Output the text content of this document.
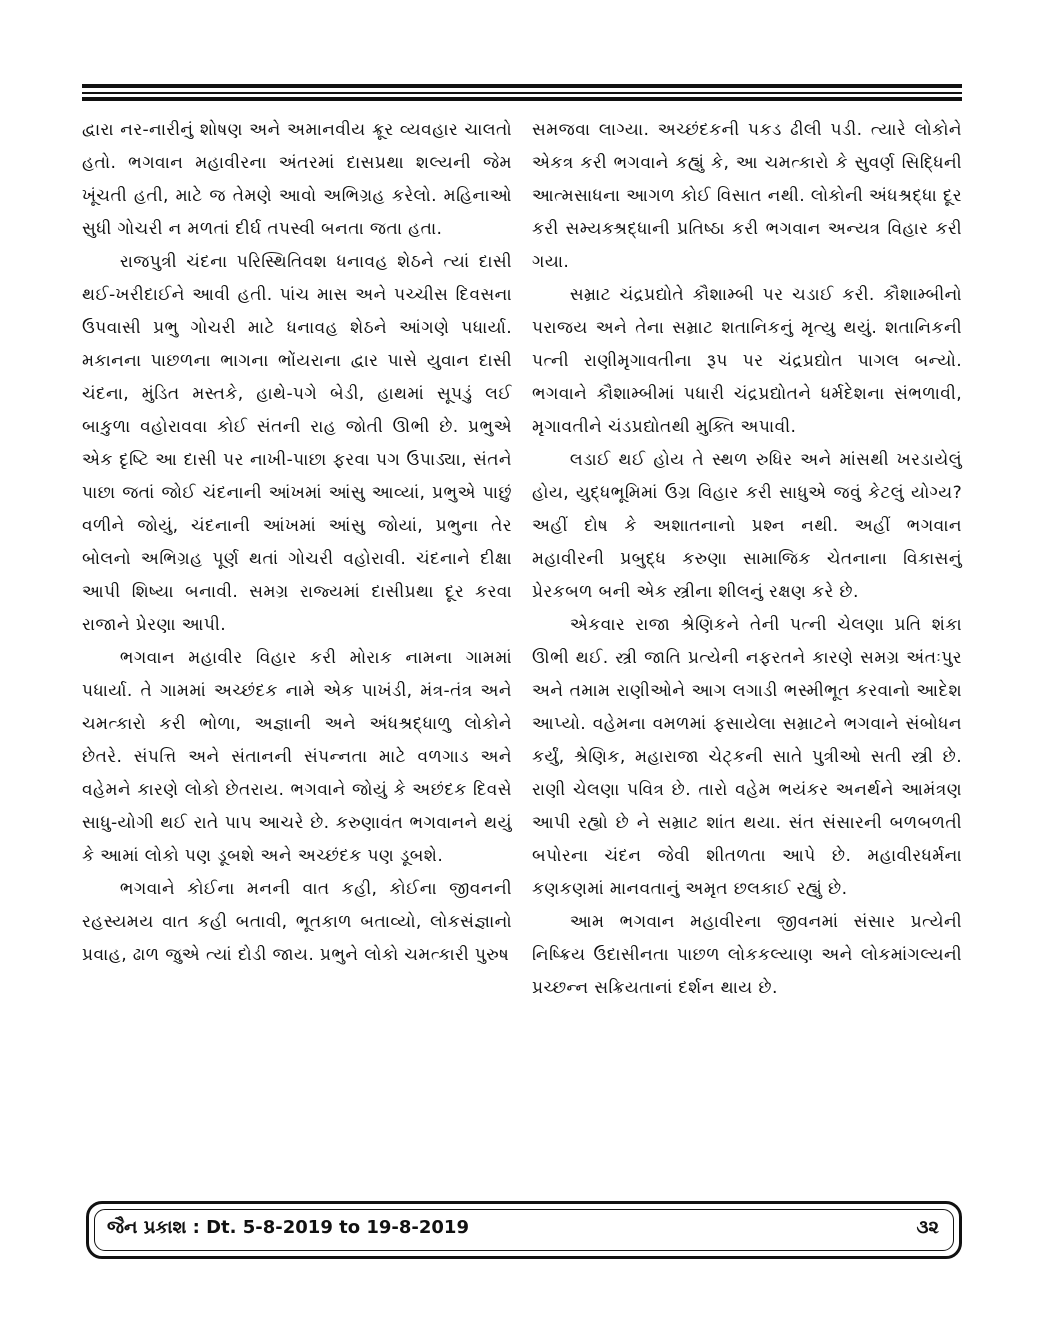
દ્વારા નર-નારીનું શોષણ અને અમાનવીય ક્રૂર વ્યવહાર ચાલતો હતો. ભગવાન મહાવીરના અંતરમાં દાસપ્રથા શલ્યની જેમ ખૂંચતી હતી, માટે જ તેમણે આવો અભિગ્રહ કરેલો. મહિનાઓ સુધી ગોચરી ન મળતાં દીર્ઘ તપસ્વી બનતા જતા હતા.

રાજપુત્રી ચંદના પરિસ્થિતિવશ ધનાવહ શેઠને ત્યાં દાસી થઈ-ખરીદાઈને આવી હતી. પાંચ માસ અને પચ્ચીસ દિવસના ઉપવાસી પ્રભુ ગોચરી માટે ધનાવહ શેઠને આંગણે પધાર્યા. મકાનના પાછળના ભાગના ભોંયરાના દ્વાર પાસે યુવાન દાસી ચંદના, મુંડિત મસ્તકે, હાથે-પગે બેડી, હાથમાં સૂપડું લઈ બાકુળા વહોરાવવા કોઈ સંતની રાહ જોતી ઊભી છે. પ્રભુએ એક દૃષ્ટિ આ દાસી પર નાખી-પાછા ફરવા પગ ઉપાડ્યા, સંતને પાછા જતાં જોઈ ચંદનાની આંખમાં આંસુ આવ્યાં, પ્રભુએ પાછું વળીને જોયું, ચંદનાની આંખમાં આંસુ જોયાં, પ્રભુના તેર બોલનો અભિગ્રહ પૂર્ણ થતાં ગોચરી વહોરાવી. ચંદનાને દીક્ષા આપી શિષ્યા બનાવી. સમગ્ર રાજ્યમાં દાસીપ્રથા દૂર કરવા રાજાને પ્રેરણા આપી.

ભગવાન મહાવીર વિહાર કરી મોરાક નામના ગામમાં પધાર્યા. તે ગામમાં અચ્છંદક નામે એક પાખંડી, મંત્ર-તંત્ર અને ચમત્કારો કરી ભોળા, અજ્ઞાની અને અંધશ્રદ્ધાળુ લોકોને છેતરે. સંપત્તિ અને સંતાનની સંપન્નતા માટે વળગાડ અને વહેમને કારણે લોકો છેતરાય. ભગવાને જોયું કે અછંદક દિવસે સાધુ-યોગી થઈ રાતે પાપ આચરે છે. કરુણાવંત ભગવાનને થયું કે આમાં લોકો પણ ડૂબશે અને અચ્છંદક પણ ડૂબશે.

ભગવાને કોઈના મનની વાત કહી, કોઈના જીવનની રહસ્યમય વાત કહી બતાવી, ભૂતકાળ બતાવ્યો, લોકસંજ્ઞાનો પ્રવાહ, ઢાળ જુએ ત્યાં દોડી જાય. પ્રભુને લોકો ચમત્કારી પુરુષ

સમજવા લાગ્યા. અચ્છંદકની પકડ ઢીલી પડી. ત્યારે લોકોને એકત્ર કરી ભગવાને કહ્યું કે, આ ચમત્કારો કે સુવર્ણ સિદ્ધિની આત્મસાધના આગળ કોઈ વિસાત નથી. લોકોની અંધશ્રદ્ધા દૂર કરી સમ્યક્શ્રદ્ધાની પ્રતિષ્ઠા કરી ભગવાન અન્યત્ર વિહાર કરી ગયા.

સમ્રાટ ચંદ્રપ્રદ્યોતે કૌશામ્બી પર ચડાઈ કરી. કૌશામ્બીનો પરાજય અને તેના સમ્રાટ શતાનિકનું મૃત્યુ થયું. શતાનિકની પત્ની રાણીમૃગાવતીના રૂપ પર ચંદ્રપ્રદ્યોત પાગલ બન્યો. ભગવાને કૌશામ્બીમાં પધારી ચંદ્રપ્રદ્યોતને ધર્મદેશના સંભળાવી, મૃગાવતીને ચંડપ્રદ્યોતથી મુક્તિ અપાવી.

લડાઈ થઈ હોય તે સ્થળ રુધિર અને માંસથી ખરડાયેલું હોય, યુદ્ધભૂમિમાં ઉગ્ર વિહાર કરી સાધુએ જવું કેટલું યોગ્ય? અહીં દોષ કે અશાતનાનો પ્રશ્ન નથી. અહીં ભગવાન મહાવીરની પ્રબુદ્ધ કરુણા સામાજિક ચેતનાના વિકાસનું પ્રેરકબળ બની એક સ્ત્રીના શીલનું રક્ષણ કરે છે.

એકવાર રાજા શ્રેણિકને તેની પત્ની ચેલણા પ્રતિ શંકા ઊભી થઈ. સ્ત્રી જાતિ પ્રત્યેની નફરતને કારણે સમગ્ર અંતઃપુર અને તમામ રાણીઓને આગ લગાડી ભસ્મીભૂત કરવાનો આદેશ આપ્યો. વહેમના વમળમાં ફસાયેલા સમ્રાટને ભગવાને સંબોધન કર્યું, શ્રેણિક, મહારાજા ચેટ્કની સાતે પુત્રીઓ સતી સ્ત્રી છે. રાણી ચેલણા પવિત્ર છે. તારો વહેમ ભયંકર અનર્થને આમંત્રણ આપી રહ્યો છે ને સમ્રાટ શાંત થયા. સંત સંસારની બળબળતી બપોરના ચંદન જેવી શીતળતા આપે છે. મહાવીરધર્મના કણકણમાં માનવતાનું અમૃત છલકાઈ રહ્યું છે.

આમ ભગવાન મહાવીરના જીવનમાં સંસાર પ્રત્યેની નિષ્ક્રિય ઉદાસીનતા પાછળ લોકકલ્યાણ અને લોકમાંગલ્યની પ્રચ્છન્ન સક્રિયતાનાં દર્શન થાય છે.

જૈન પ્રકાશ : Dt. 5-8-2019 to 19-8-2019	૩૨
